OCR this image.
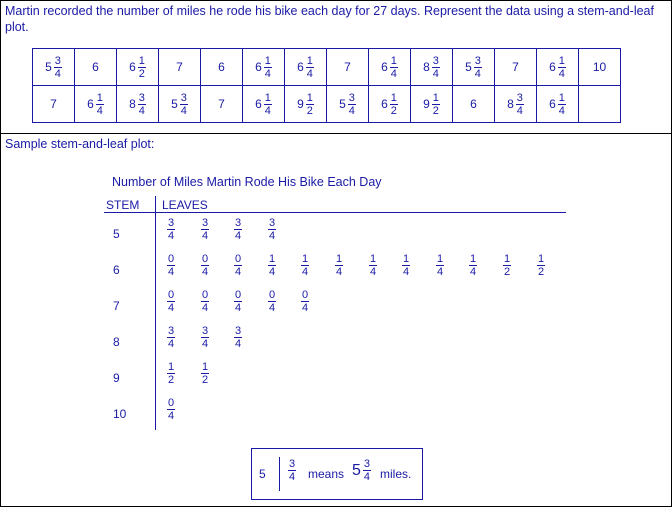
Martin recorded the number of miles he rode his bike each day for 27 days. Represent the data using a stem-and-leaf plot.
$5 \frac{3}{4}$	6	$6 \frac{1}{2}$	7	6	$6 \frac{1}{4}$	$6 \frac{1}{4}$	7	$6 \frac{1}{4}$	$8 \frac{3}{4}$	$5 \frac{3}{4}$	7	$6 \frac{1}{4}$	10

7	$6 \frac{1}{4}$	$8 \frac{3}{4}$	$5 \frac{3}{4}$	7	$6 \frac{1}{4}$	$9 \frac{1}{2}$	$5 \frac{3}{4}$	$6 \frac{1}{2}$	$9 \frac{1}{2}$	6	$8 \frac{3}{4}$	$6 \frac{1}{4}$

Sample stem-and-leaf plot:
Number of Miles Martin Rode His Bike Each Day
STEM LEAVES
5	$\frac{3}{4} \frac{3}{4} \frac{3}{4} \frac{3}{4}$
6	$\frac{0}{4} \frac{0}{4} \frac{0}{4} \frac{1}{4} \frac{1}{4} \frac{1}{4} \frac{1}{4} \frac{1}{4} \frac{1}{4} \frac{1}{4} \frac{1}{2} \frac{1}{2}$
7	$\frac{0}{4} \frac{0}{4} \frac{0}{4} \frac{0}{4} \frac{0}{4}$
8	$\frac{3}{4} \frac{3}{4} \frac{3}{4}$
9	$\frac{1}{2} \frac{1}{2}$
10	$\frac{0}{4}$
$5 \frac{3}{4}$ means $5 \frac{3}{4}$ miles.
